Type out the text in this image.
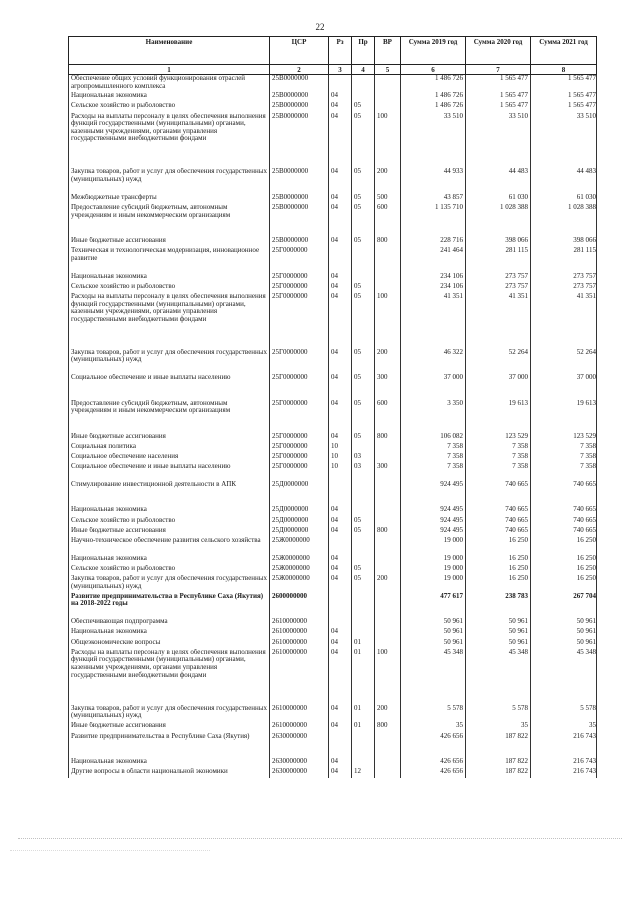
22
Наименование	ЦСР	Рз	Пр	ВР	Сумма 2019 год	Сумма 2020 год	Сумма 2021 год
1	2	3	4	5	6	7	8
Обеспечение общих условий функционирования отраслей агропромышленного комплекса	25В0000000				1 486 726	1 565 477	1 565 477
Национальная экономика	25В0000000	04			1 486 726	1 565 477	1 565 477
Сельское хозяйство и рыболовство	25В0000000	04	05		1 486 726	1 565 477	1 565 477
Расходы на выплаты персоналу в целях обеспечения выполнения функций государственными (муниципальными) органами, казенными учреждениями, органами управления государственными внебюджетными фондами	25В0000000	04	05	100	33 510	33 510	33 510
Закупка товаров, работ и услуг для обеспечения государственных (муниципальных) нужд	25В0000000	04	05	200	44 933	44 483	44 483
Межбюджетные трансферты	25В0000000	04	05	500	43 857	61 030	61 030
Предоставление субсидий бюджетным, автономным учреждениям и иным некоммерческим организациям	25В0000000	04	05	600	1 135 710	1 028 388	1 028 388
Иные бюджетные ассигнования	25В0000000	04	05	800	228 716	398 066	398 066
Техническая и технологическая модернизация, инновационное развитие	25Г0000000				241 464	281 115	281 115
Национальная экономика	25Г0000000	04			234 106	273 757	273 757
Сельское хозяйство и рыболовство	25Г0000000	04	05		234 106	273 757	273 757
Расходы на выплаты персоналу в целях обеспечения выполнения функций государственными (муниципальными) органами, казенными учреждениями, органами управления государственными внебюджетными фондами	25Г0000000	04	05	100	41 351	41 351	41 351
Закупка товаров, работ и услуг для обеспечения государственных (муниципальных) нужд	25Г0000000	04	05	200	46 322	52 264	52 264
Социальное обеспечение и иные выплаты населению	25Г0000000	04	05	300	37 000	37 000	37 000
Предоставление субсидий бюджетным, автономным учреждениям и иным некоммерческим организациям	25Г0000000	04	05	600	3 350	19 613	19 613
Иные бюджетные ассигнования	25Г0000000	04	05	800	106 082	123 529	123 529
Социальная политика	25Г0000000	10			7 358	7 358	7 358
Социальное обеспечение населения	25Г0000000	10	03		7 358	7 358	7 358
Социальное обеспечение и иные выплаты населению	25Г0000000	10	03	300	7 358	7 358	7 358
Стимулирование инвестиционной деятельности в АПК	25Д0000000				924 495	740 665	740 665
Национальная экономика	25Д0000000	04			924 495	740 665	740 665
Сельское хозяйство и рыболовство	25Д0000000	04	05		924 495	740 665	740 665
Иные бюджетные ассигнования	25Д0000000	04	05	800	924 495	740 665	740 665
Научно-техническое обеспечение развития сельского хозяйства	25Ж0000000				19 000	16 250	16 250
Национальная экономика	25Ж0000000	04			19 000	16 250	16 250
Сельское хозяйство и рыболовство	25Ж0000000	04	05		19 000	16 250	16 250
Закупка товаров, работ и услуг для обеспечения государственных (муниципальных) нужд	25Ж0000000	04	05	200	19 000	16 250	16 250
Развитие предпринимательства в Республике Саха (Якутия) на 2018-2022 годы	2600000000				477 617	238 783	267 704
Обеспечивающая подпрограмма	2610000000				50 961	50 961	50 961
Национальная экономика	2610000000	04			50 961	50 961	50 961
Общеэкономические вопросы	2610000000	04	01		50 961	50 961	50 961
Расходы на выплаты персоналу в целях обеспечения выполнения функций государственными (муниципальными) органами, казенными учреждениями, органами управления государственными внебюджетными фондами	2610000000	04	01	100	45 348	45 348	45 348
Закупка товаров, работ и услуг для обеспечения государственных (муниципальных) нужд	2610000000	04	01	200	5 578	5 578	5 578
Иные бюджетные ассигнования	2610000000	04	01	800	35	35	35
Развитие предпринимательства в Республике Саха (Якутия)	2630000000				426 656	187 822	216 743
Национальная экономика	2630000000	04			426 656	187 822	216 743
Другие вопросы в области национальной экономики	2630000000	04	12		426 656	187 822	216 743
